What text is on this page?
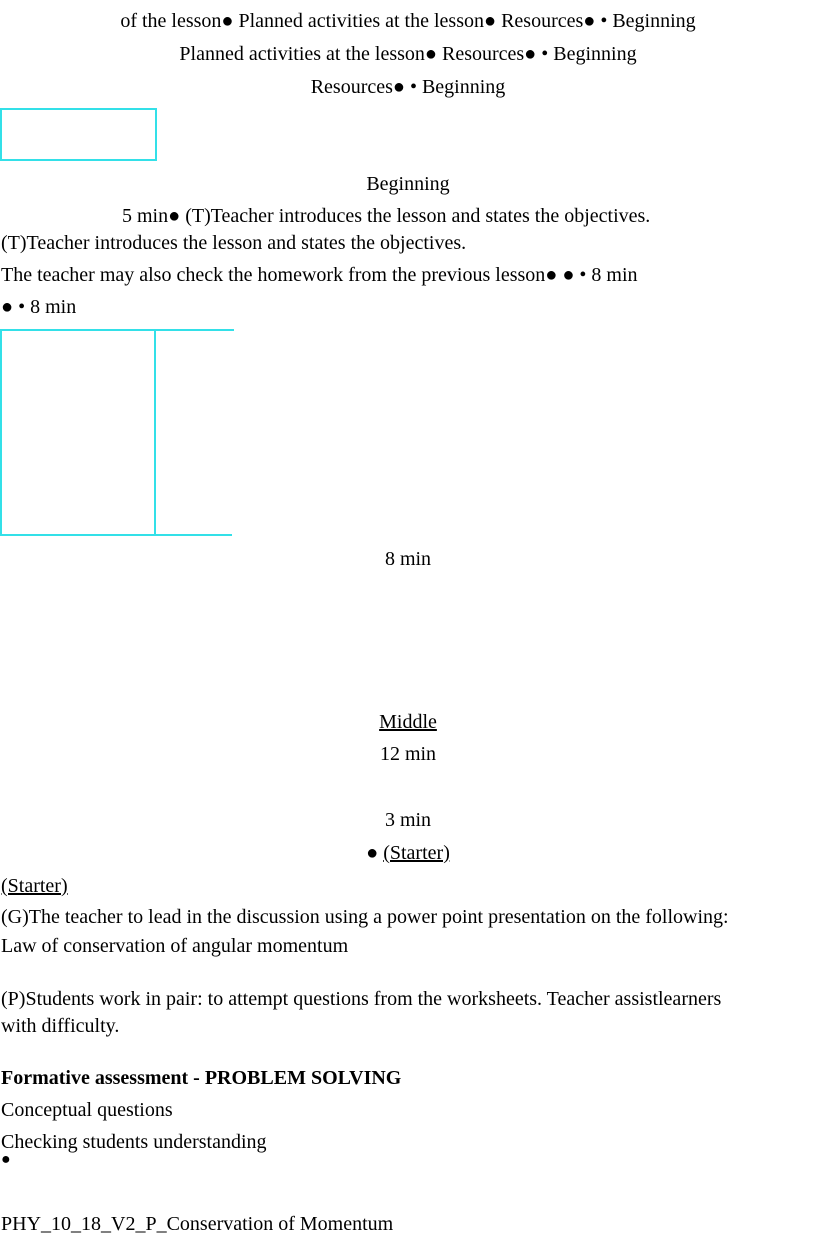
of the lesson● Planned activities at the lesson● Resources● • Beginning
Planned activities at the lesson● Resources● • Beginning
Resources● • Beginning
Beginning
5 min● (T)Teacher introduces the lesson and states the objectives.
(T)Teacher introduces the lesson and states the objectives.
The teacher may also check the homework from the previous lesson● ● • 8 min
● • 8 min
8 min
Middle
12 min
3 min
● (Starter)
(Starter)
(G)The teacher to lead in the discussion using a power point presentation on the following:
Law of conservation of angular momentum
(P)Students work in pair: to attempt questions from the worksheets. Teacher assistlearners
with difficulty.
Formative assessment - PROBLEM SOLVING
Conceptual questions
Checking students understanding
●
PHY_10_18_V2_P_Conservation of Momentum
